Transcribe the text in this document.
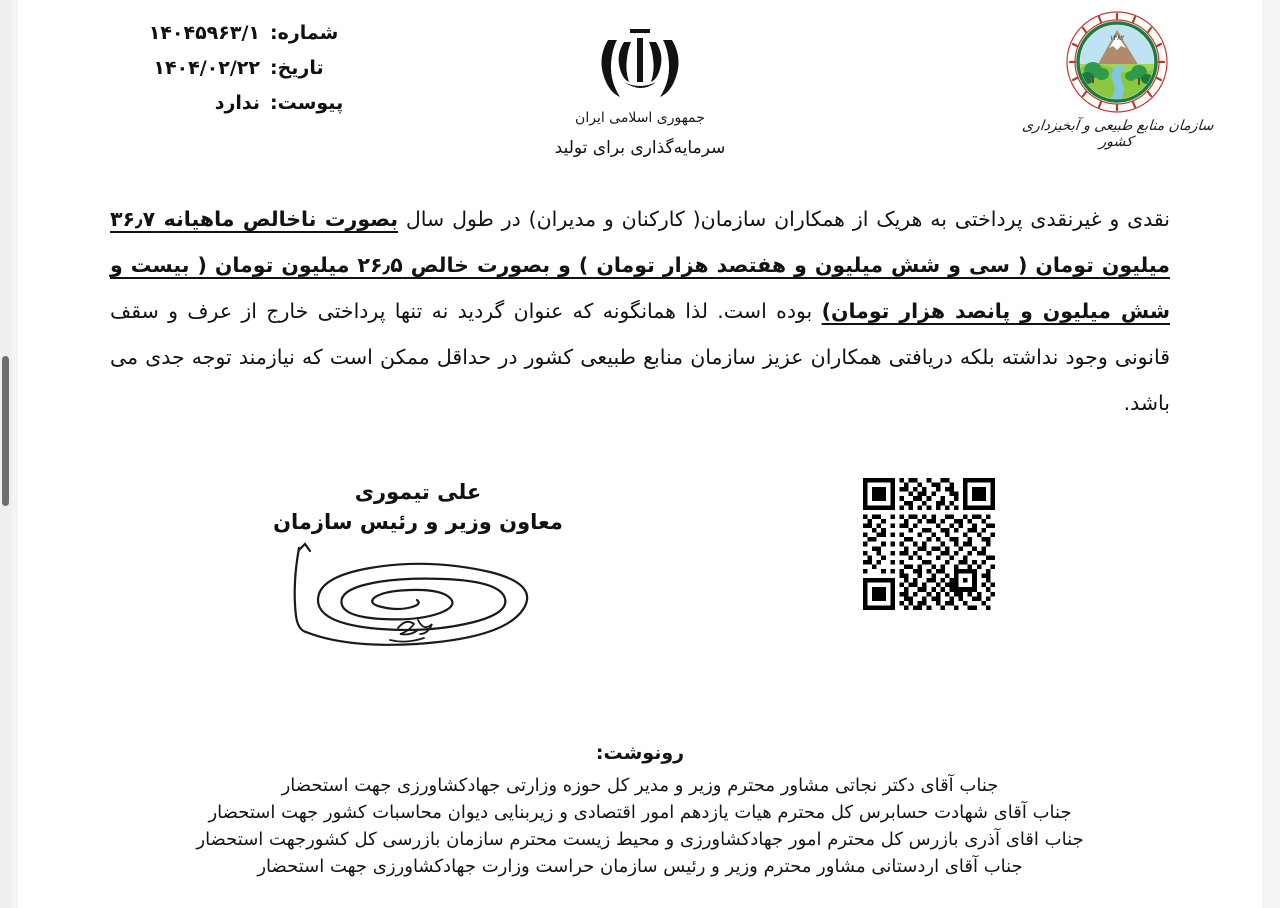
شماره:
۱۴۰۴۵۹۶۳/۱
تاریخ:
۱۴۰۴/۰۲/۲۲
پیوست:
ندارد
جمهوری اسلامی ایران
سرمایه‌گذاری برای تولید
۱۳۸۲
سازمان منابع طبیعی و آبخیزداری کشور

نقدی و غیرنقدی پرداختی به هریک از همکاران سازمان( کارکنان و مدیران) در طول سال بصورت ناخالص ماهیانه ۳۶٫۷ میلیون تومان ( سی و شش میلیون و هفتصد هزار تومان ) و بصورت خالص ۲۶٫۵ میلیون تومان ( بیست و شش میلیون و پانصد هزار تومان) بوده است. لذا همانگونه که عنوان گردید نه تنها پرداختی خارج از عرف و سقف قانونی وجود نداشته بلکه دریافتی همکاران عزیز سازمان منابع طبیعی کشور در حداقل ممکن است که نیازمند توجه جدی می باشد.

علی تیموری
معاون وزیر و رئیس سازمان
رونوشت:
جناب آقای دکتر نجاتی مشاور محترم وزیر و مدیر کل حوزه وزارتی جهادکشاورزی جهت استحضار
جناب آقای شهادت حسابرس کل محترم هیات یازدهم امور اقتصادی و زیربنایی دیوان محاسبات کشور جهت استحضار
جناب اقای آذری بازرس کل محترم امور جهادکشاورزی و محیط زیست محترم سازمان بازرسی کل کشورجهت استحضار
جناب آقای اردستانی مشاور محترم وزیر و رئیس سازمان حراست وزارت جهادکشاورزی جهت استحضار
